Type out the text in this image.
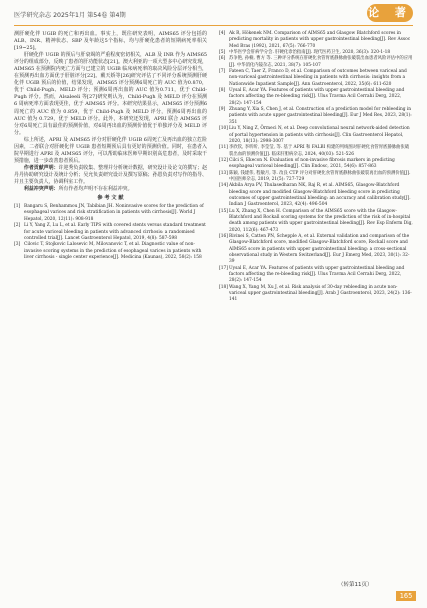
医学研究杂志 2025年1月 第54卷 第4期	论 著

测肝硬化伴 UGIB 的死亡和再出血。事实上，既往研究表明，AIMS65 评分包括的 ALB、INR、精神状态、SBP 及年龄这5个指标，均与肝硬化患者的短期病死率相关[19~25]。

肝硬化伴 UGIB 的预后与肝衰竭的严重程度密切相关，ALB 及 INR 作为 AIMS65 评分的组成部分，反映了患者的肝功能状态[21]。澳大利亚的一项大型多中心研究发现，AIMS65 在预测院内死亡方面与已建立的 UGIB 临床病死率的取决风险分层评分相当，在预测再出血方面优于肝脏评分[22]。戴天娇等[26]研究评估了不同评分系统预测肝硬化伴 UGIB 预后的价值，结果发现，AIMS65 评分预测6周死亡的 AUC 值为0.870，优于 Child-Pugh、MELD 评分；预测6周再出血的 AUC 值为0.711，优于 Child-Pugh 评分。然而，Alsaleeli 等[27]研究则认为，Child-Pugh 及 MELD 评分在预测 6 周病死率方面表现更佳，优于 AIMS65 评分。本研究结果显示，AIMS65 评分预测6周死亡的 AUC 值为 0.859，优于 Child-Pugh 及 MELD 评分，预测6周再出血的 AUC 值为 0.729，优于 MELD 评分。此外，本研究还发现，APRI 联合 AIMS65 评分对6周死亡具有最佳的预测价值，对6周再出血的预测价值优于单独评分及 MELD 评分。

综上所述，APRI 及 AIMS65 评分对肝硬化伴 UGIB 6周死亡及再出血的独立危险因素，二者联合对肝硬化伴 UGIB 患者短期预后具有更好的预测价值。同时，在患者入院早期进行 APRI 及 AIMS65 评分，可以帮助临床医师早期识别高危患者，及时采取干预措施，进一步改善患者预后。

作者贡献声明：许迎秀负责收集、整理并分析统计数据，研究设计及论文的撰写；赵丹丹协助研究设计及统计分析；吴允负责研究设计及撰写原稿；孙恩负责对写作的指导、并且主要负责人，协调科室工作。

利益冲突声明：所有作者均声明不存在利益冲突。

参 考 文 献

[1] Bangaru S, Benhammou JN, Tabibian JH. Noninvasive scores for the prediction of esophageal varices and risk stratification in patients with cirrhosis[J]. World J Hepatol, 2020, 12(11): 908-918

[2] Li Y, Yang Z, Lu L, et al. Early TIPS with covered stents versus standard treatment for acute variceal bleeding in patients with advanced cirrhosis: a randomised controlled trial[J]. Lancet Gastroenterol Hepatol, 2019, 4(8): 587-598

[3] Cilovic T, Stojkovic Lalosevic M, Milovanovic T, et al. Diagnostic value of non-invasive scoring systems in the prediction of esophageal varices in patients with liver cirrhosis - single center experience[J]. Medicina (Kaunas), 2022, 58(2): 158

[4] Ak R, Hökenek NM. Comparison of AIMS65 and Glasgow Blatchford scores in predicting mortality in patients with upper gastrointestinal bleeding[J]. Rev Assoc Med Bras (1992), 2021, 67(5): 766-770

[5] 中华医学会肝病学分会. 肝硬化诊治指南[J]. 现代医药卫生, 2020, 36(3): 320-1-18

[6] 苏争艳, 孙楠, 曹方 等. 三种评分系统在肝硬化食管胃底静脉曲张破裂出血患者风险评估中的应用[J]. 中华消化内镜杂志, 2021, 38(7): 105-107

[7] Fateen C, Taer Z, Franco D, et al. Comparison of outcomes between variceal and non-variceal gastrointestinal bleeding in patients with cirrhosis: insights from a Nationwide Inpatient Sample[J]. Ann Gastroenterol, 2022, 35(6): 611-620

[8] Uysal E, Acar YA. Features of patients with upper gastrointestinal bleeding and factors affecting the re-bleeding risk[J]. Ulus Travma Acil Cerrahi Derg, 2022, 28(2): 147-154

[9] Zhuang Y, Xia S, Chen J, et al. Construction of a prediction model for rebleeding in patients with acute upper gastrointestinal bleeding[J]. Eur J Med Res, 2023, 28(1): 351

[10]Liu Y, Ning Z, Örmeci N, et al. Deep convolutional neural network-aided detection of portal hypertension in patients with cirrhosis[J]. Clin Gastroenterol Hepatol, 2020, 18(13): 2998-3007

[11]李欣钦, 李昕昕, 李莹莹, 等. 基于 APRI 和 FALBI 构建的列线图对肝硬化食管胃底静脉曲张破裂出血的预测价值[J]. 临床肝胆病杂志, 2024, 40(03): 521-526

[12]Cilci S, Ekecon N. Evaluation of non-invasive fibrosis markers in predicting esophageal variceal bleeding[J]. Clin Endosc, 2021, 54(6): 857-863

[13]陈颖, 钱建伟, 程敏月, 等. 改良 CTP 评分对肝硬化食管胃底静脉曲张破裂再出血的预测价值[J]. 中国医师杂志, 2019, 21(5): 727-729

[14]Akbila Arya PV, Thulasedharan NK, Raj R, et al. AIMS65, Glasgow-Blatchford bleeding score and modified Glasgow-Blatchford bleeding score in predicting outcomes of upper gastrointestinal bleeding: an accuracy and calibration study[J]. Indian J Gastroenterol, 2023, 42(4): 496-504

[15]Lu X, Zhang X, Chen H. Comparison of the AIMS65 score with the Glasgow-Blatchford and Rockall scoring systems for the prediction of the risk of in-hospital death among patients with upper gastrointestinal bleeding[J]. Rev Esp Enferm Dig, 2020, 112(6): 467-473

[16]Rivinei S, Catten PN, Schepple A, et al. External validation and comparison of the Glasgow-Blatchford score, modified Glasgow-Blatchford score, Rockall score and AIMS65 score in patients with upper gastrointestinal bleeding: a cross-sectional observational study in Western Switzerland[J]. Eur J Emerg Med, 2023, 30(1): 32-39

[17]Uysal E, Acar YA. Features of patients with upper gastrointestinal bleeding and factors affecting the re-bleeding risk[J]. Ulus Travma Acil Cerrahi Derg, 2022, 28(2): 147-154

[18]Wang X, Yang M, Xu J, et al. Risk analysis of 30-day rebleeding in acute non-variceal upper gastrointestinal bleeding[J]. Arab J Gastroenterol, 2023, 24(2): 136-141

（转第11页）
165
